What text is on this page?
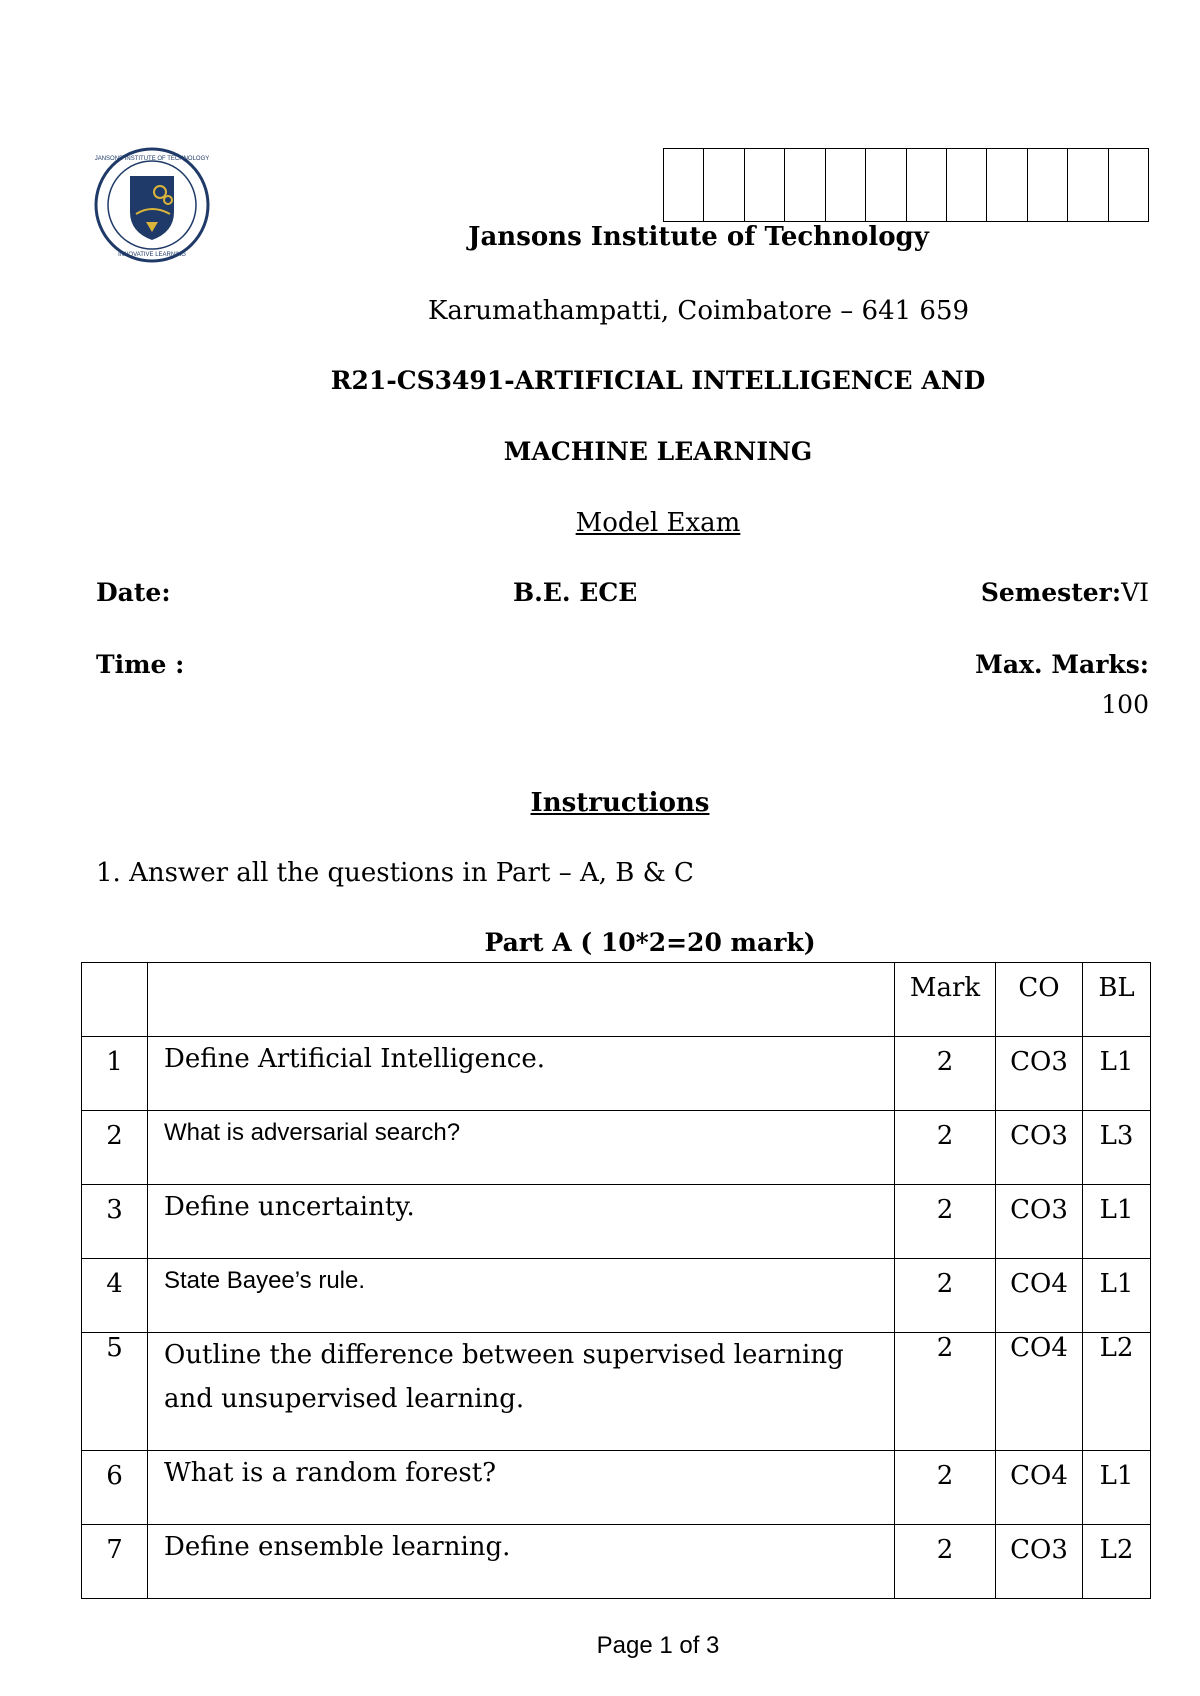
JANSONS INSTITUTE OF TECHNOLOGY
INNOVATIVE LEARNING
Jansons Institute of Technology
Karumathampatti, Coimbatore – 641 659
R21-CS3491-ARTIFICIAL INTELLIGENCE AND
MACHINE LEARNING
Model Exam
Date:	B.E. ECE	Semester:VI
Time :	Max. Marks:
100
Instructions
1. Answer all the questions in Part – A, B & C
Part A ( 10*2=20 mark)
		Mark	CO	BL
1	Define Artificial Intelligence.	2	CO3	L1
2	What is adversarial search?	2	CO3	L3
3	Define uncertainty.	2	CO3	L1
4	State Bayee’s rule.	2	CO4	L1
5	Outline the difference between supervised learning and unsupervised learning.	2	CO4	L2
6	What is a random forest?	2	CO4	L1
7	Define ensemble learning.	2	CO3	L2
Page 1 of 3
